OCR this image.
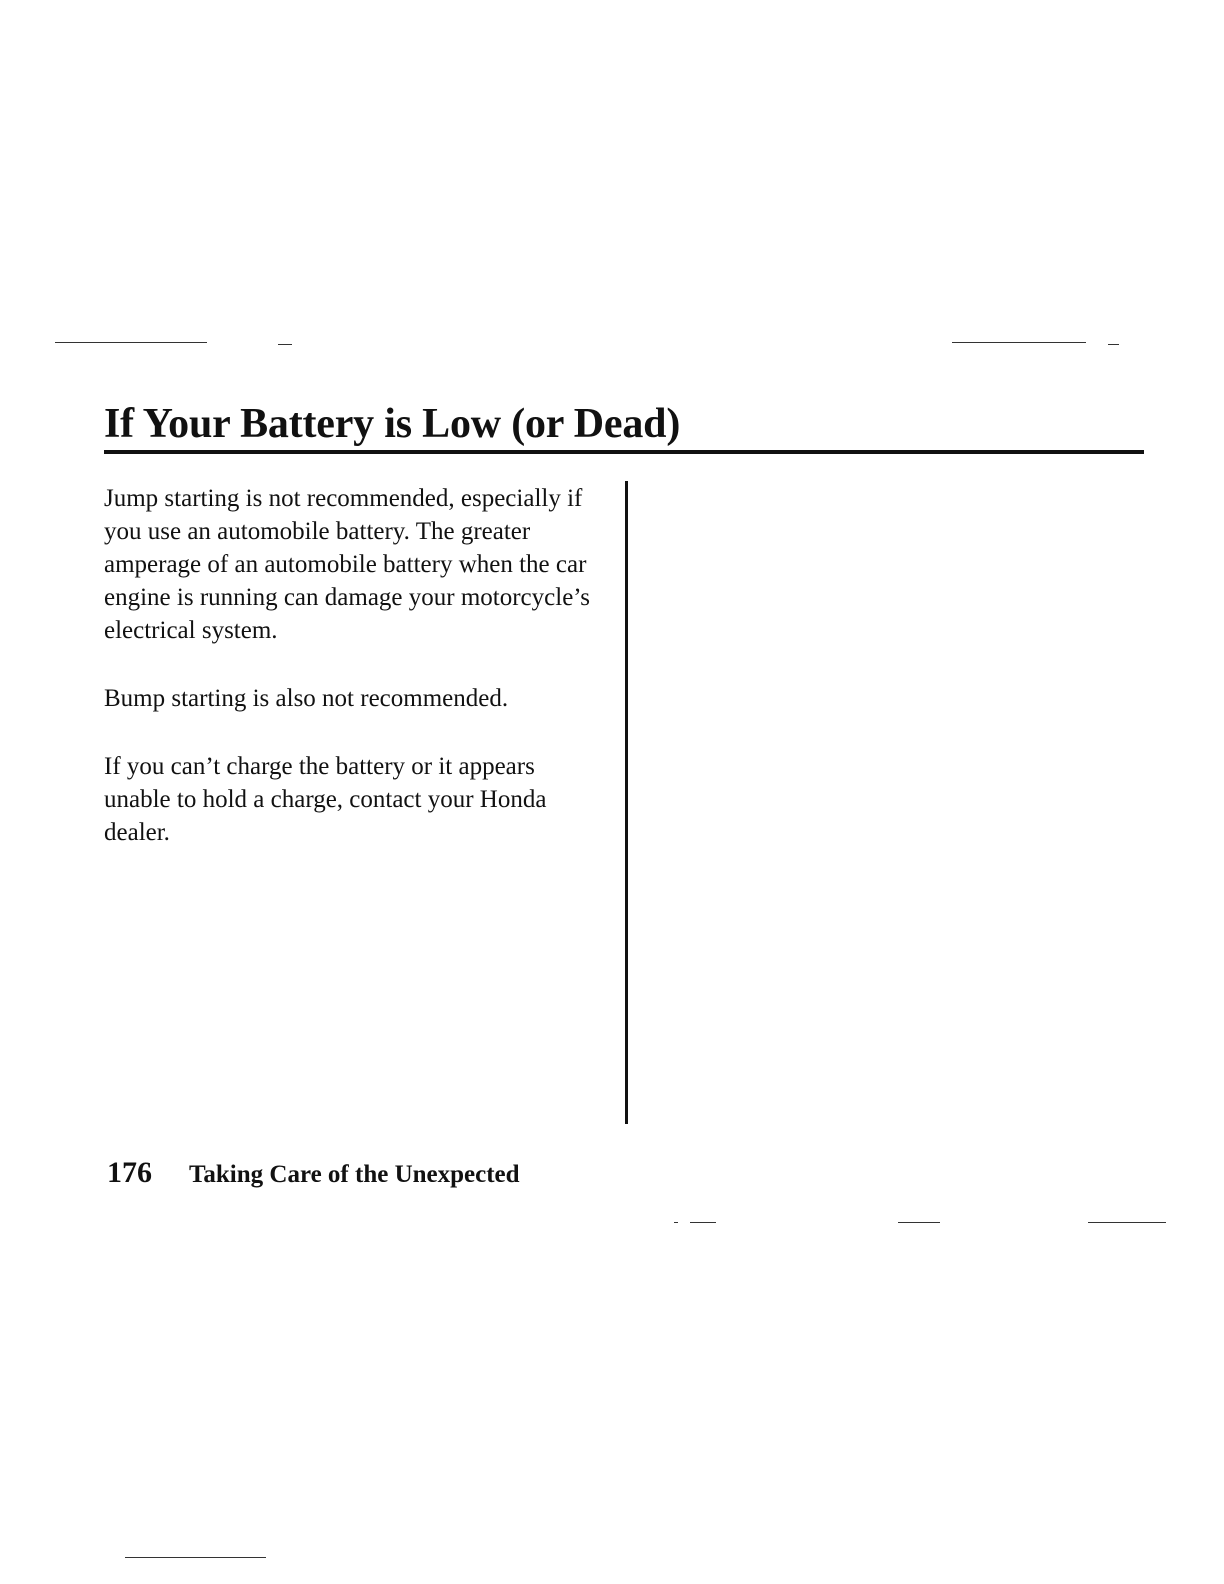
If Your Battery is Low (or Dead)

Jump starting is not recommended, especially if you use an automobile battery. The greater amperage of an automobile battery when the car engine is running can damage your motorcycle’s electrical system.

Bump starting is also not recommended.

If you can’t charge the battery or it appears unable to hold a charge, contact your Honda dealer.

176 Taking Care of the Unexpected
